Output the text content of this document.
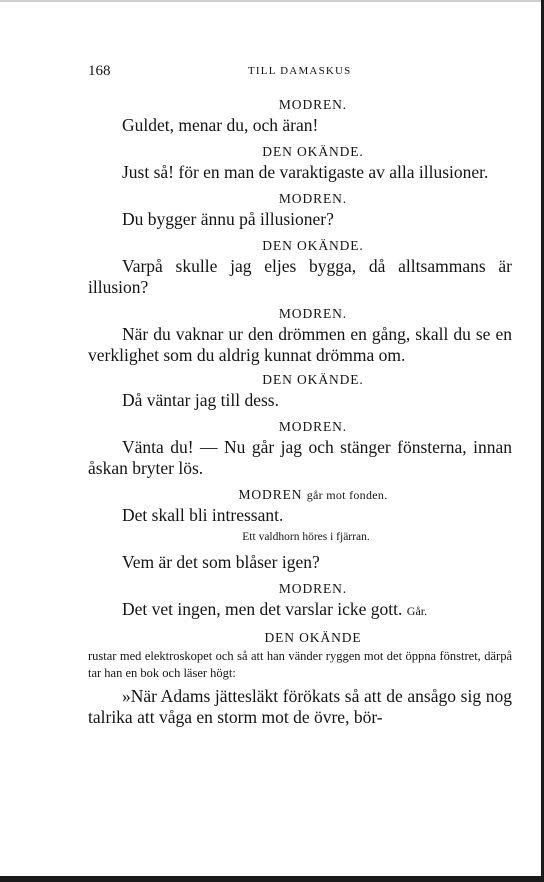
168	TILL DAMASKUS
MODREN.
Guldet, menar du, och äran!
DEN OKÄNDE.
Just så! för en man de varaktigaste av alla illusioner.
MODREN.
Du bygger ännu på illusioner?
DEN OKÄNDE.
Varpå skulle jag eljes bygga, då alltsammans är illusion?
MODREN.
När du vaknar ur den drömmen en gång, skall du se en verklighet som du aldrig kunnat drömma om.
DEN OKÄNDE.
Då väntar jag till dess.
MODREN.
Vänta du! — Nu går jag och stänger fönsterna, innan åskan bryter lös.
MODREN går mot fonden.
Det skall bli intressant.
Ett valdhorn höres i fjärran.
Vem är det som blåser igen?
MODREN.
Det vet ingen, men det varslar icke gott. Går.
DEN OKÄNDE
rustar med elektroskopet och så att han vänder ryggen mot det öppna fönstret, därpå tar han en bok och läser högt:
»När Adams jättesläkt förökats så att de ansågo sig nog talrika att våga en storm mot de övre, bör-
